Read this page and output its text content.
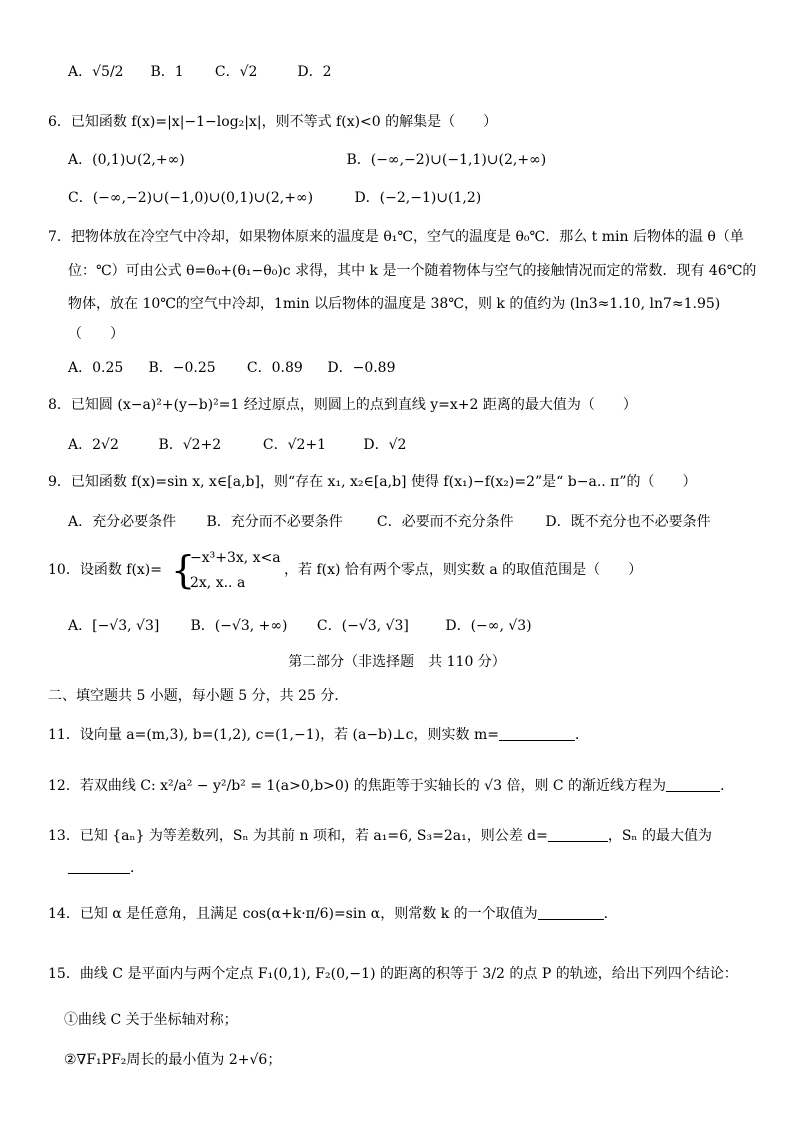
A．√5/2 B．1 C．√2	D．2
6．已知函数 f(x)=|x|−1−log₂|x|，则不等式 f(x)<0 的解集是（　　）
A．(0,1)∪(2,+∞)	B．(−∞,−2)∪(−1,1)∪(2,+∞)
C．(−∞,−2)∪(−1,0)∪(0,1)∪(2,+∞)	D．(−2,−1)∪(1,2)
7．把物体放在冷空气中冷却，如果物体原来的温度是 θ₁℃，空气的温度是 θ₀℃．那么 t min 后物体的温 θ（单
位：℃）可由公式 θ=θ₀+(θ₁−θ₀)c 求得，其中 k 是一个随着物体与空气的接触情况而定的常数．现有 46℃的
物体，放在 10℃的空气中冷却，1min 以后物体的温度是 38℃，则 k 的值约为 (ln3≈1.10, ln7≈1.95)
（　　）
A．0.25 B．−0.25 C．0.89 D．−0.89
8．已知圆 (x−a)²+(y−b)²=1 经过原点，则圆上的点到直线 y=x+2 距离的最大值为（　　）
A．2√2	B．√2+2	C．√2+1	D．√2
9．已知函数 f(x)=sin x, x∈[a,b]，则“存在 x₁, x₂∈[a,b] 使得 f(x₁)−f(x₂)=2”是“ b−a.. π”的（　　）
A．充分必要条件 B．充分而不必要条件 C．必要而不充分条件 D．既不充分也不必要条件
10．设函数 f(x)= {
−x³+3x, x<a
2x, x.. a
，若 f(x) 恰有两个零点，则实数 a 的取值范围是（　　）
A．[−√3, √3] B．(−√3, +∞) C．(−√3, √3]	D．(−∞, √3)
第二部分（非选择题　共 110 分）
二、填空题共 5 小题，每小题 5 分，共 25 分．
11．设向量 a=(m,3), b=(1,2), c=(1,−1)，若 (a−b)⊥c，则实数 m=	．
12．若双曲线 C: x²/a² − y²/b² = 1(a>0,b>0) 的焦距等于实轴长的 √3 倍，则 C 的渐近线方程为	．
13．已知 {aₙ} 为等差数列，Sₙ 为其前 n 项和，若 a₁=6, S₃=2a₁，则公差 d=	，Sₙ 的最大值为
．
14．已知 α 是任意角，且满足 cos(α+k·π/6)=sin α，则常数 k 的一个取值为	．
15．曲线 C 是平面内与两个定点 F₁(0,1), F₂(0,−1) 的距离的积等于 3/2 的点 P 的轨迹，给出下列四个结论：
①曲线 C 关于坐标轴对称；
②∇F₁PF₂周长的最小值为 2+√6；
